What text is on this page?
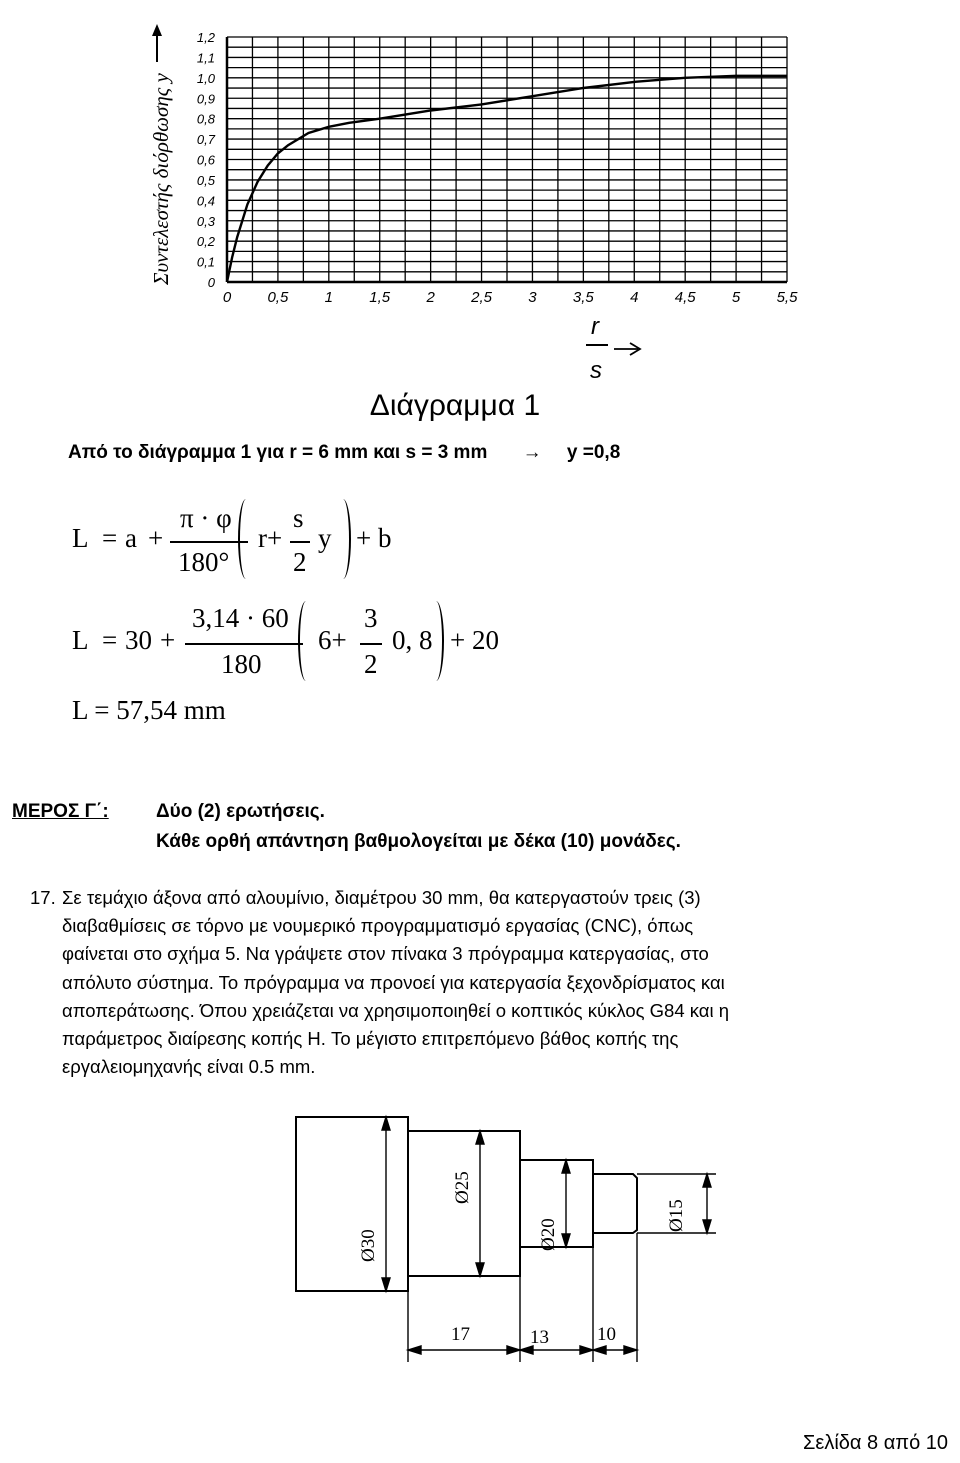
0
0,1
0,2
0,3
0,4
0,5
0,6
0,7
0,8
0,9
1,0
1,1
1,2
0 0,5 1 1,5 2 2,5 3 3,5 4 4,5 5 5,5
Συντελεστής διόρθωσης y
r
s
Διάγραμμα 1
Από το διάγραμμα 1 για r = 6 mm και s = 3 mm → y =0,8
L = a +
π · φ
180°
r+
s
2
y + b
L = 30 +
3,14 · 60
180
6+
3
2
0, 8 + 20
L = 57,54 mm
ΜΕΡΟΣ Γ΄: Δύο (2) ερωτήσεις.
Κάθε ορθή απάντηση βαθμολογείται με δέκα (10) μονάδες.
17. Σε τεμάχιο άξονα από αλουμίνιο, διαμέτρου 30 mm, θα κατεργαστούν τρεις (3)
διαβαθμίσεις σε τόρνο με νουμερικό προγραμματισμό εργασίας (CNC), όπως
φαίνεται στο σχήμα 5. Να γράψετε στον πίνακα 3 πρόγραμμα κατεργασίας, στο
απόλυτο σύστημα. Το πρόγραμμα να προνοεί για κατεργασία ξεχονδρίσματος και
αποπεράτωσης. Όπου χρειάζεται να χρησιμοποιηθεί ο κοπτικός κύκλος G84 και η
παράμετρος διαίρεσης κοπής H. Το μέγιστο επιτρεπόμενο βάθος κοπής της
εργαλειομηχανής είναι 0.5 mm.
Ø30
Ø25
Ø20
Ø15
17	13	10
Σελίδα 8 από 10
